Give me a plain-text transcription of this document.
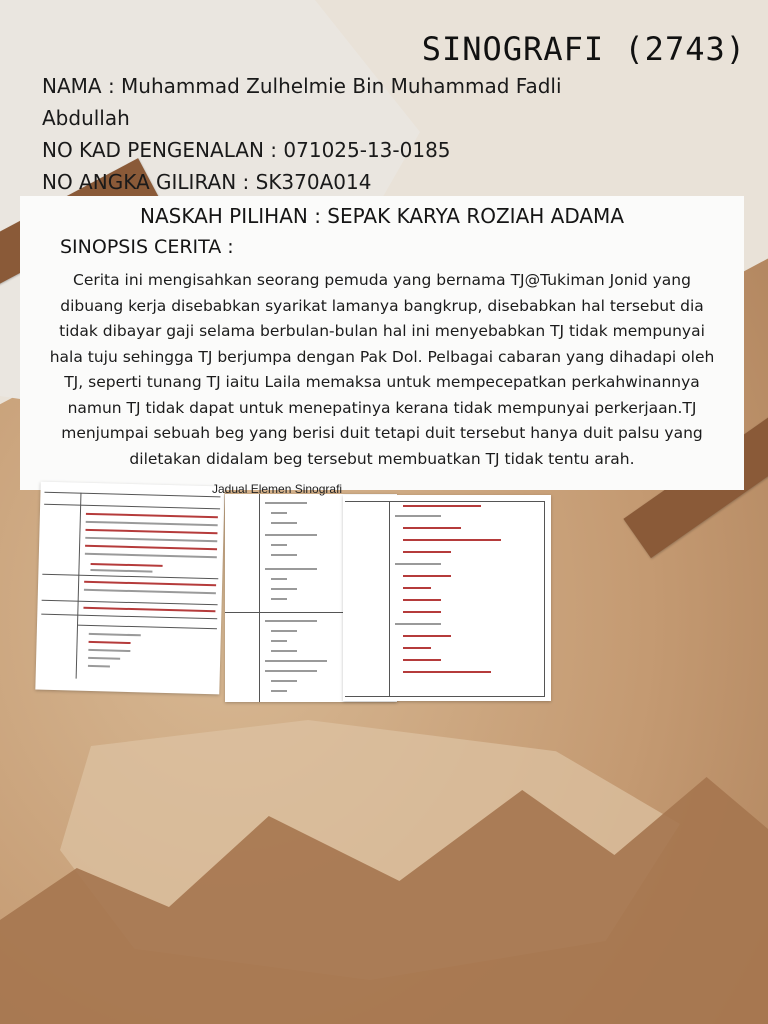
SINOGRAFI (2743)
NAMA : Muhammad Zulhelmie Bin Muhammad Fadli
Abdullah
NO KAD PENGENALAN : 071025-13-0185
NO ANGKA GILIRAN : SK370A014
NASKAH PILIHAN : SEPAK KARYA ROZIAH ADAMA
SINOPSIS CERITA :
Cerita ini mengisahkan seorang pemuda yang bernama TJ@Tukiman Jonid yang dibuang kerja disebabkan syarikat lamanya bangkrup, disebabkan hal tersebut dia tidak dibayar gaji selama berbulan-bulan hal ini menyebabkan TJ tidak mempunyai hala tuju sehingga TJ berjumpa dengan Pak Dol. Pelbagai cabaran yang dihadapi oleh TJ, seperti tunang TJ iaitu Laila memaksa untuk mempecepatkan perkahwinannya namun TJ tidak dapat untuk menepatinya kerana tidak mempunyai perkerjaan.TJ menjumpai sebuah beg yang berisi duit tetapi duit tersebut hanya duit palsu yang diletakan didalam beg tersebut membuatkan TJ tidak tentu arah.
Jadual Elemen Sinografi
